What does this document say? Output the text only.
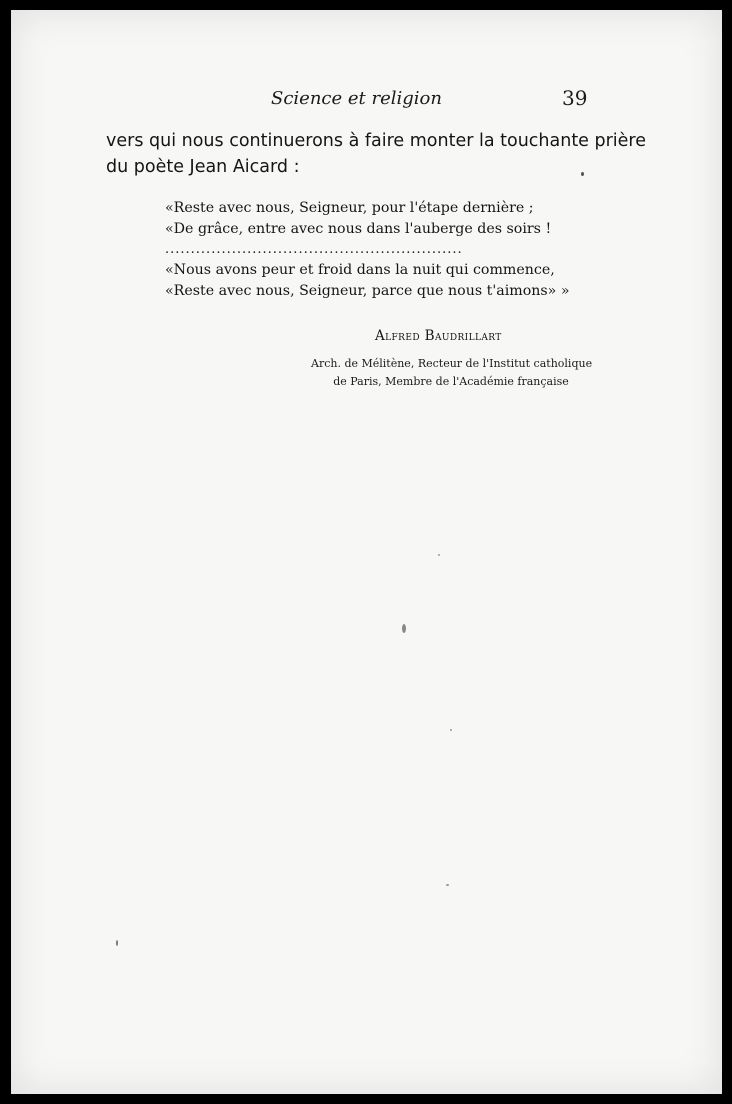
Science et religion	39
vers qui nous continuerons à faire monter la touchante prière
du poète Jean Aicard :
«Reste avec nous, Seigneur, pour l'étape dernière ;
«De grâce, entre avec nous dans l'auberge des soirs !
..........................................................
«Nous avons peur et froid dans la nuit qui commence,
«Reste avec nous, Seigneur, parce que nous t'aimons» »
Alfred Baudrillart
Arch. de Mélitène, Recteur de l'Institut catholique
de Paris, Membre de l'Académie française
